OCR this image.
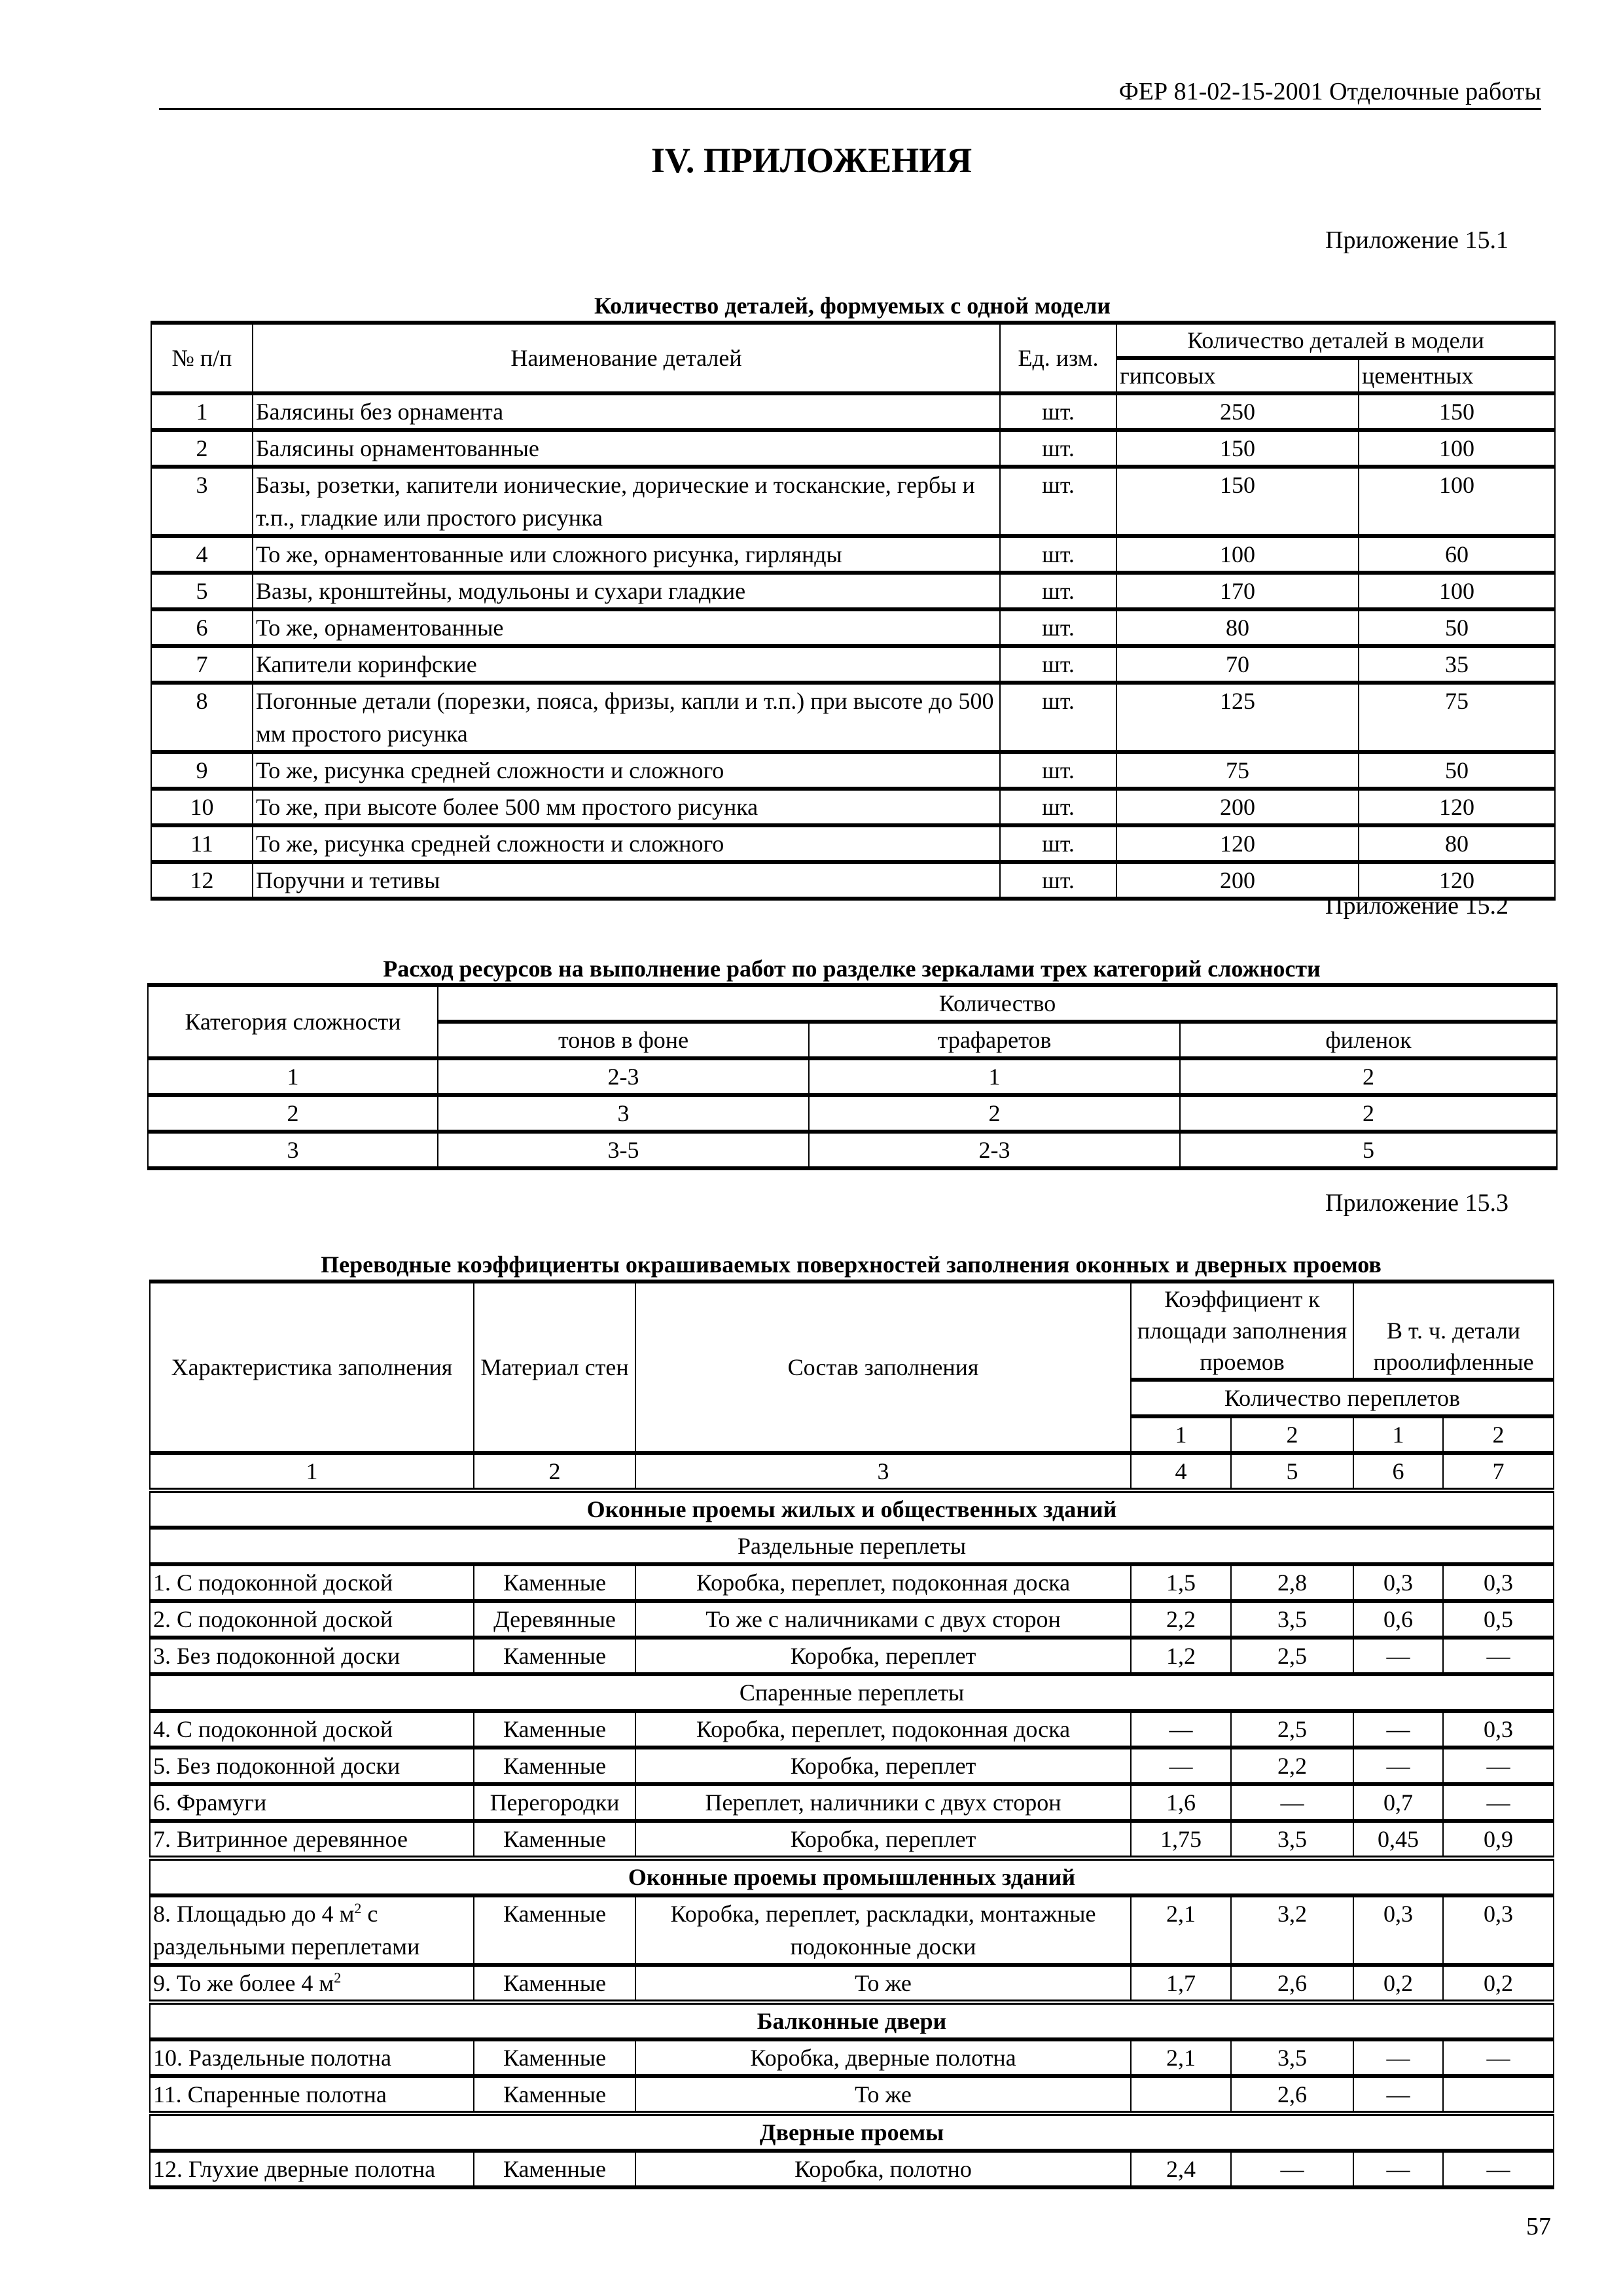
ФЕР 81-02-15-2001 Отделочные работы
IV. ПРИЛОЖЕНИЯ
Приложение 15.1
Количество деталей, формуемых с одной модели
№ п/п	Наименование деталей	Ед. изм.	Количество деталей в модели	
			гипсовых	цементных
1	Балясины без орнамента	шт.	250	150
2	Балясины орнаментованные	шт.	150	100
3	Базы, розетки, капители ионические, дорические и тосканские, гербы и т.п., гладкие или простого рисунка	шт.	150	100
4	То же, орнаментованные или сложного рисунка, гирлянды	шт.	100	60
5	Вазы, кронштейны, модульоны и сухари гладкие	шт.	170	100
6	То же, орнаментованные	шт.	80	50
7	Капители коринфские	шт.	70	35
8	Погонные детали (порезки, пояса, фризы, капли и т.п.) при высоте до 500 мм простого рисунка	шт.	125	75
9	То же, рисунка средней сложности и сложного	шт.	75	50
10	То же, при высоте более 500 мм простого рисунка	шт.	200	120
11	То же, рисунка средней сложности и сложного	шт.	120	80
12	Поручни и тетивы	шт.	200	120
Приложение 15.2
Расход ресурсов на выполнение работ по разделке зеркалами трех категорий сложности
Категория сложности	Количество		
	тонов в фоне	трафаретов	филенок
1	2-3	1	2
2	3	2	2
3	3-5	2-3	5
Приложение 15.3
Переводные коэффициенты окрашиваемых поверхностей заполнения оконных и дверных проемов
Характеристика заполнения	Материал стен	Состав заполнения	Коэффициент к площади заполнения проемов		В т. ч. детали проолифленные	
			Количество переплетов			
			1	2	1	2
1	2	3	4	5	6	7
Оконные проемы жилых и общественных зданий						
Раздельные переплеты						
1. С подоконной доской	Каменные	Коробка, переплет, подоконная доска	1,5	2,8	0,3	0,3
2. С подоконной доской	Деревянные	То же с наличниками с двух сторон	2,2	3,5	0,6	0,5
3. Без подоконной доски	Каменные	Коробка, переплет	1,2	2,5	—	—
Спаренные переплеты						
4. С подоконной доской	Каменные	Коробка, переплет, подоконная доска	—	2,5	—	0,3
5. Без подоконной доски	Каменные	Коробка, переплет	—	2,2	—	—
6. Фрамуги	Перегородки	Переплет, наличники с двух сторон	1,6	—	0,7	—
7. Витринное деревянное	Каменные	Коробка, переплет	1,75	3,5	0,45	0,9
Оконные проемы промышленных зданий						
8. Площадью до 4 $м^2$ с раздельными переплетами	Каменные	Коробка, переплет, раскладки, монтажные подоконные доски	2,1	3,2	0,3	0,3
9. То же более 4 $м^2$	Каменные	То же	1,7	2,6	0,2	0,2
Балконные двери						
10. Раздельные полотна	Каменные	Коробка, дверные полотна	2,1	3,5	—	—
11. Спаренные полотна	Каменные	То же		2,6	—	
Дверные проемы						
12. Глухие дверные полотна	Каменные	Коробка, полотно	2,4	—	—	—
57
